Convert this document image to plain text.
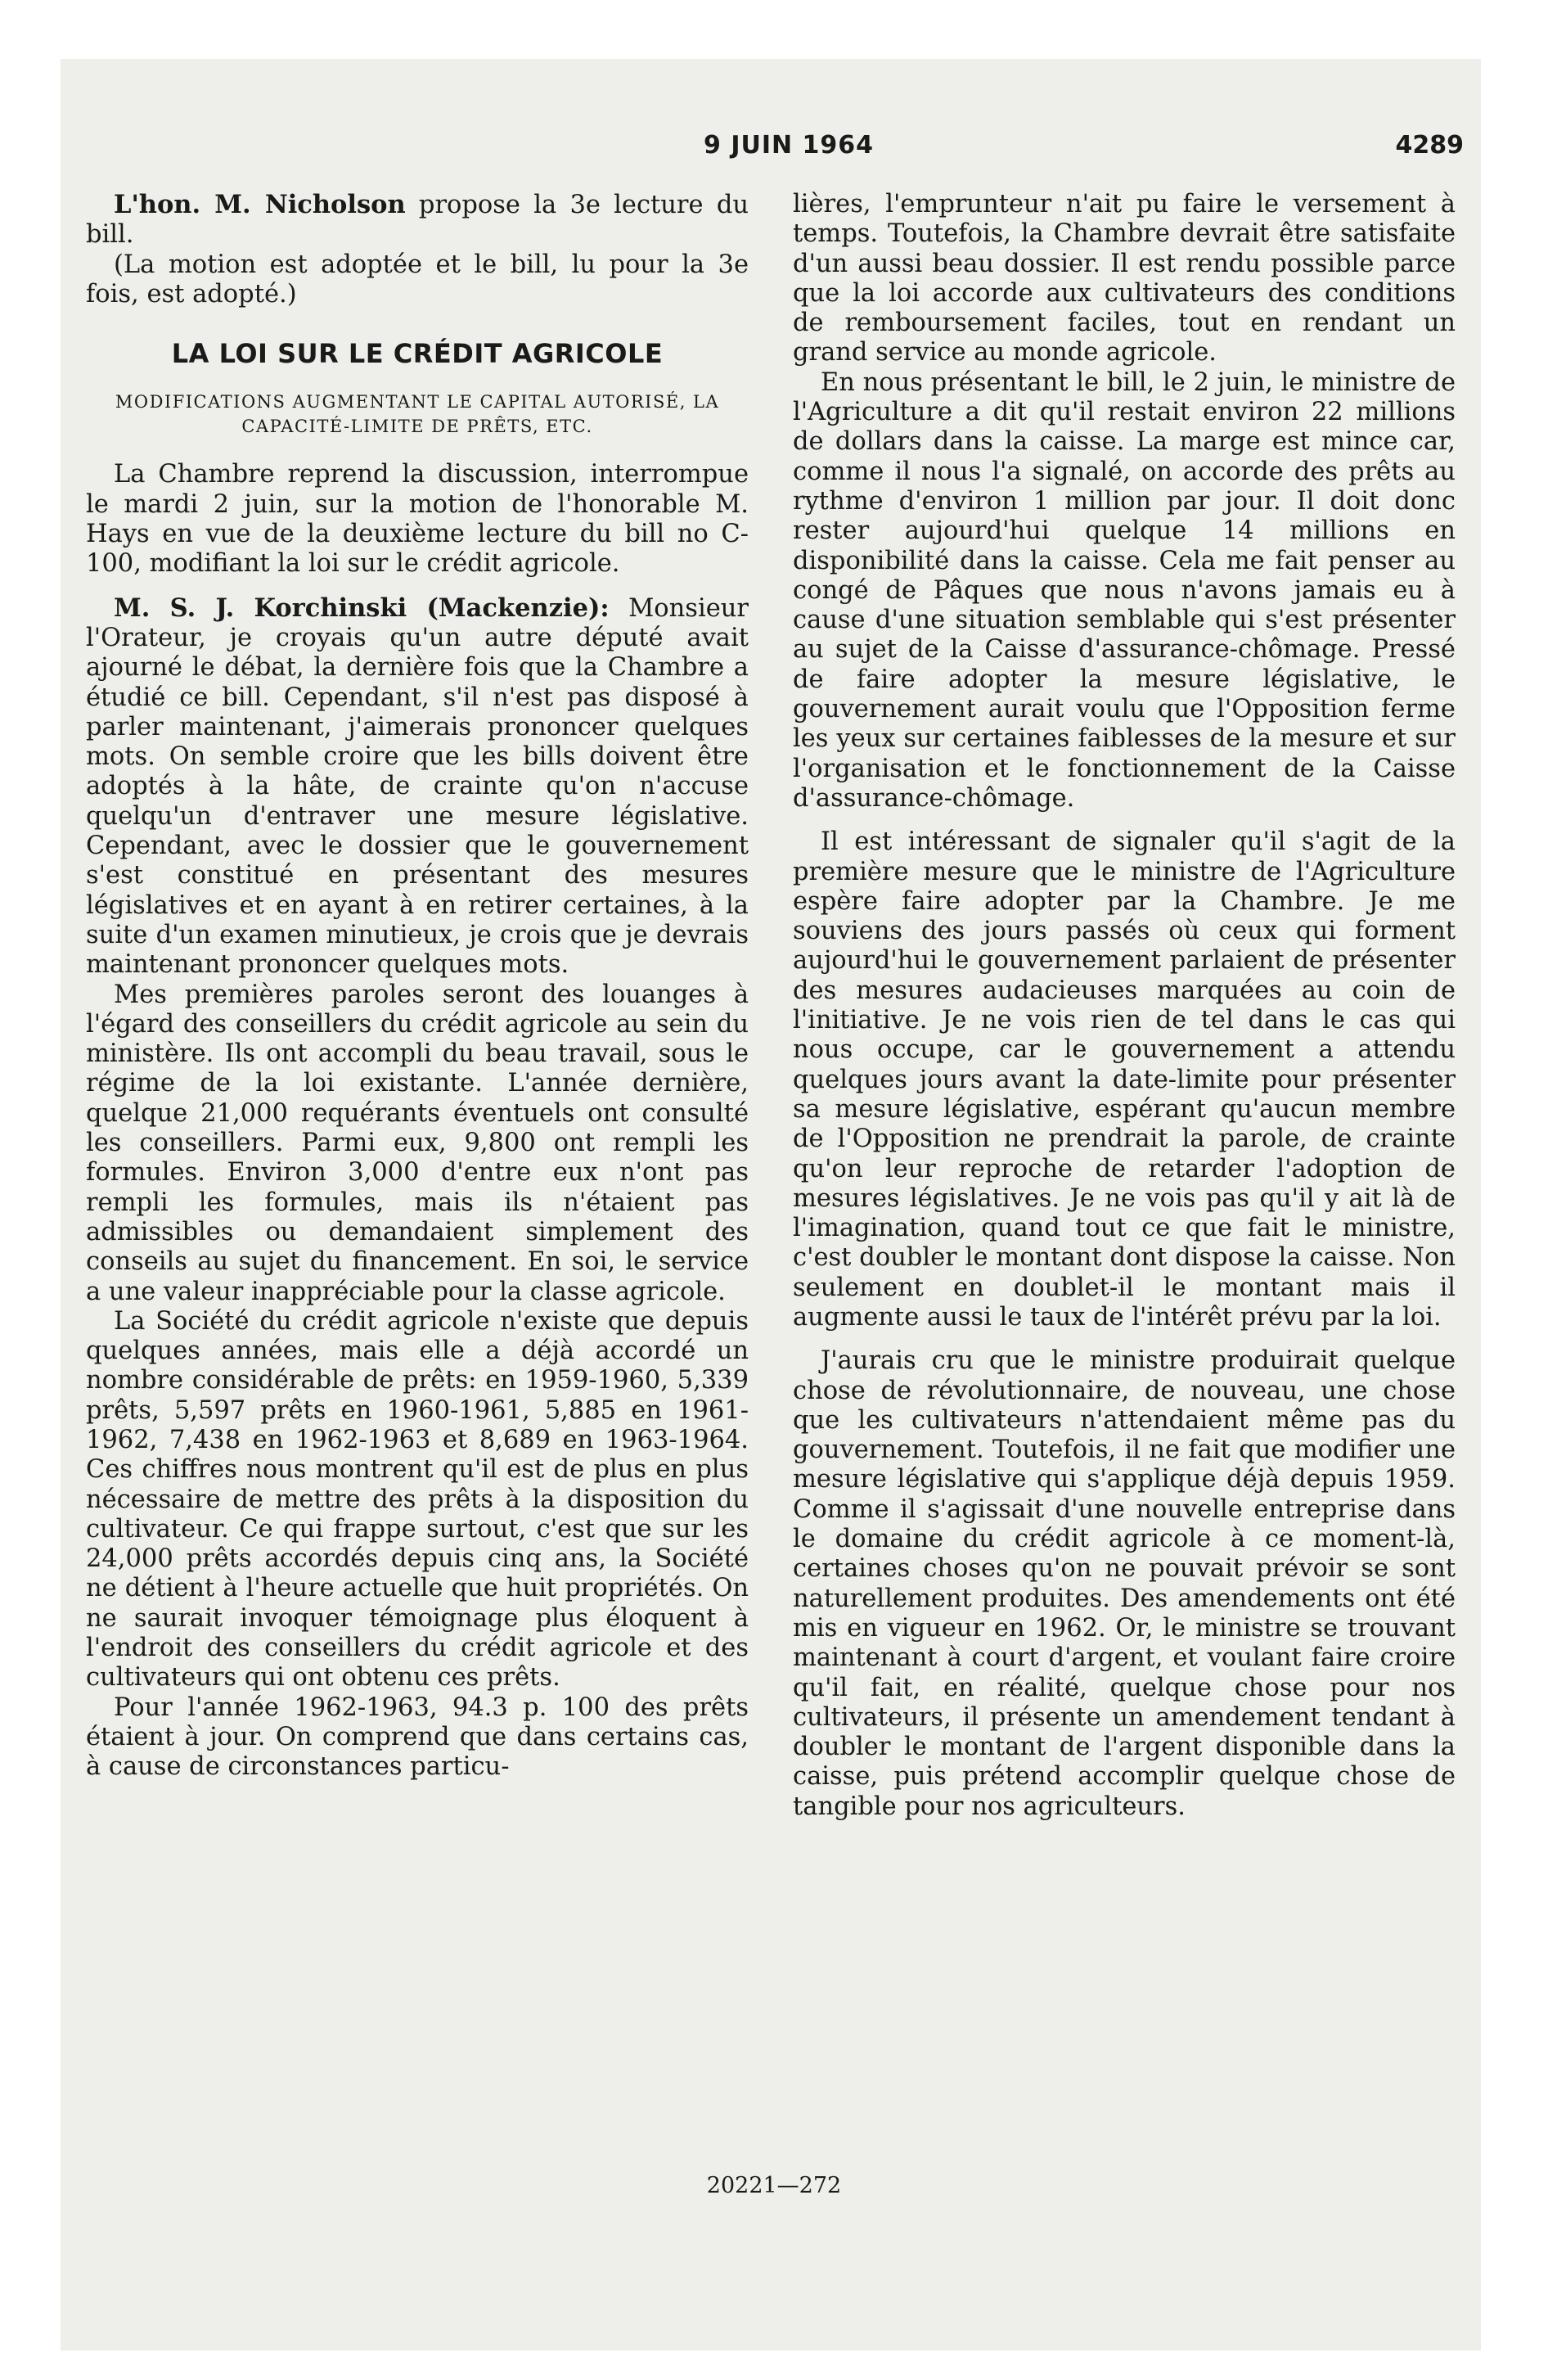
9 JUIN 1964	4289

L'hon. M. Nicholson propose la 3e lecture du bill.

(La motion est adoptée et le bill, lu pour la 3e fois, est adopté.)

LA LOI SUR LE CRÉDIT AGRICOLE
MODIFICATIONS AUGMENTANT LE CAPITAL AUTORISÉ, LA CAPACITÉ-LIMITE DE PRÊTS, ETC.

La Chambre reprend la discussion, interrompue le mardi 2 juin, sur la motion de l'honorable M. Hays en vue de la deuxième lecture du bill no C-100, modifiant la loi sur le crédit agricole.

M. S. J. Korchinski (Mackenzie): Monsieur l'Orateur, je croyais qu'un autre député avait ajourné le débat, la dernière fois que la Chambre a étudié ce bill. Cependant, s'il n'est pas disposé à parler maintenant, j'aimerais prononcer quelques mots. On semble croire que les bills doivent être adoptés à la hâte, de crainte qu'on n'accuse quelqu'un d'entraver une mesure législative. Cependant, avec le dossier que le gouvernement s'est constitué en présentant des mesures législatives et en ayant à en retirer certaines, à la suite d'un examen minutieux, je crois que je devrais maintenant prononcer quelques mots.

Mes premières paroles seront des louanges à l'égard des conseillers du crédit agricole au sein du ministère. Ils ont accompli du beau travail, sous le régime de la loi existante. L'année dernière, quelque 21,000 requérants éventuels ont consulté les conseillers. Parmi eux, 9,800 ont rempli les formules. Environ 3,000 d'entre eux n'ont pas rempli les formules, mais ils n'étaient pas admissibles ou demandaient simplement des conseils au sujet du financement. En soi, le service a une valeur inappréciable pour la classe agricole.

La Société du crédit agricole n'existe que depuis quelques années, mais elle a déjà accordé un nombre considérable de prêts: en 1959-1960, 5,339 prêts, 5,597 prêts en 1960-1961, 5,885 en 1961-1962, 7,438 en 1962-1963 et 8,689 en 1963-1964. Ces chiffres nous montrent qu'il est de plus en plus nécessaire de mettre des prêts à la disposition du cultivateur. Ce qui frappe surtout, c'est que sur les 24,000 prêts accordés depuis cinq ans, la Société ne détient à l'heure actuelle que huit propriétés. On ne saurait invoquer témoignage plus éloquent à l'endroit des conseillers du crédit agricole et des cultivateurs qui ont obtenu ces prêts.

Pour l'année 1962-1963, 94.3 p. 100 des prêts étaient à jour. On comprend que dans certains cas, à cause de circonstances particu-

lières, l'emprunteur n'ait pu faire le versement à temps. Toutefois, la Chambre devrait être satisfaite d'un aussi beau dossier. Il est rendu possible parce que la loi accorde aux cultivateurs des conditions de remboursement faciles, tout en rendant un grand service au monde agricole.

En nous présentant le bill, le 2 juin, le ministre de l'Agriculture a dit qu'il restait environ 22 millions de dollars dans la caisse. La marge est mince car, comme il nous l'a signalé, on accorde des prêts au rythme d'environ 1 million par jour. Il doit donc rester aujourd'hui quelque 14 millions en disponibilité dans la caisse. Cela me fait penser au congé de Pâques que nous n'avons jamais eu à cause d'une situation semblable qui s'est présenter au sujet de la Caisse d'assurance-chômage. Pressé de faire adopter la mesure législative, le gouvernement aurait voulu que l'Opposition ferme les yeux sur certaines faiblesses de la mesure et sur l'organisation et le fonctionnement de la Caisse d'assurance-chômage.

Il est intéressant de signaler qu'il s'agit de la première mesure que le ministre de l'Agriculture espère faire adopter par la Chambre. Je me souviens des jours passés où ceux qui forment aujourd'hui le gouvernement parlaient de présenter des mesures audacieuses marquées au coin de l'initiative. Je ne vois rien de tel dans le cas qui nous occupe, car le gouvernement a attendu quelques jours avant la date-limite pour présenter sa mesure législative, espérant qu'aucun membre de l'Opposition ne prendrait la parole, de crainte qu'on leur reproche de retarder l'adoption de mesures législatives. Je ne vois pas qu'il y ait là de l'imagination, quand tout ce que fait le ministre, c'est doubler le montant dont dispose la caisse. Non seulement en doublet-il le montant mais il augmente aussi le taux de l'intérêt prévu par la loi.

J'aurais cru que le ministre produirait quelque chose de révolutionnaire, de nouveau, une chose que les cultivateurs n'attendaient même pas du gouvernement. Toutefois, il ne fait que modifier une mesure législative qui s'applique déjà depuis 1959. Comme il s'agissait d'une nouvelle entreprise dans le domaine du crédit agricole à ce moment-là, certaines choses qu'on ne pouvait prévoir se sont naturellement produites. Des amendements ont été mis en vigueur en 1962. Or, le ministre se trouvant maintenant à court d'argent, et voulant faire croire qu'il fait, en réalité, quelque chose pour nos cultivateurs, il présente un amendement tendant à doubler le montant de l'argent disponible dans la caisse, puis prétend accomplir quelque chose de tangible pour nos agriculteurs.

20221—272
